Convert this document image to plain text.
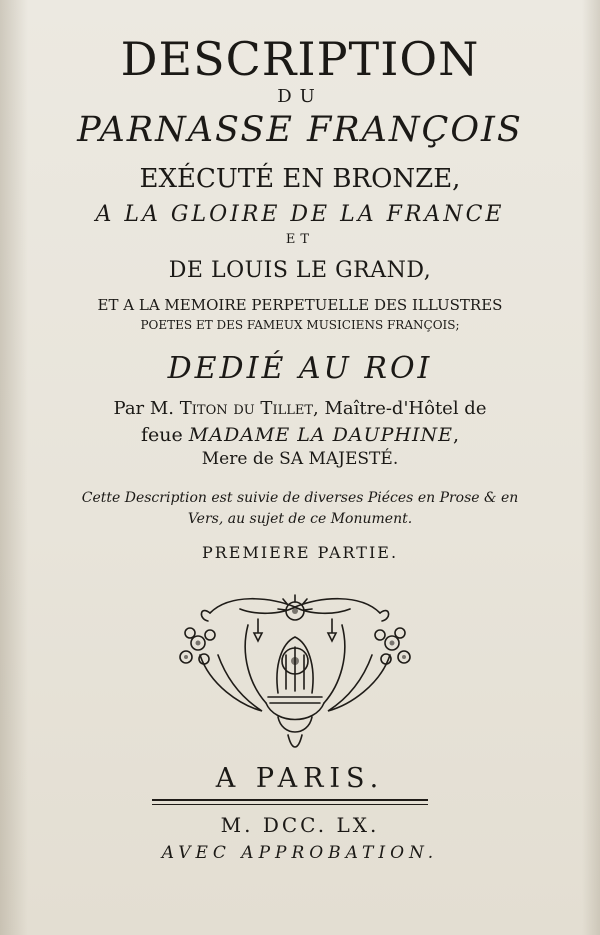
DESCRIPTION
DU
PARNASSE FRANÇOIS
EXÉCUTÉ EN BRONZE,
A LA GLOIRE DE LA FRANCE
ET
DE LOUIS LE GRAND,
ET A LA MEMOIRE PERPETUELLE DES ILLUSTRES
POETES ET DES FAMEUX MUSICIENS FRANÇOIS;
DEDIÉ AU ROI
Par M. Titon du Tillet, Maître-d'Hôtel de
feue MADAME LA DAUPHINE,
Mere de SA MAJESTÉ.
Cette Description est suivie de diverses Piéces en Prose & en
Vers, au sujet de ce Monument.
PREMIERE PARTIE.
A PARIS.
M. DCC. LX.
AVEC APPROBATION.
